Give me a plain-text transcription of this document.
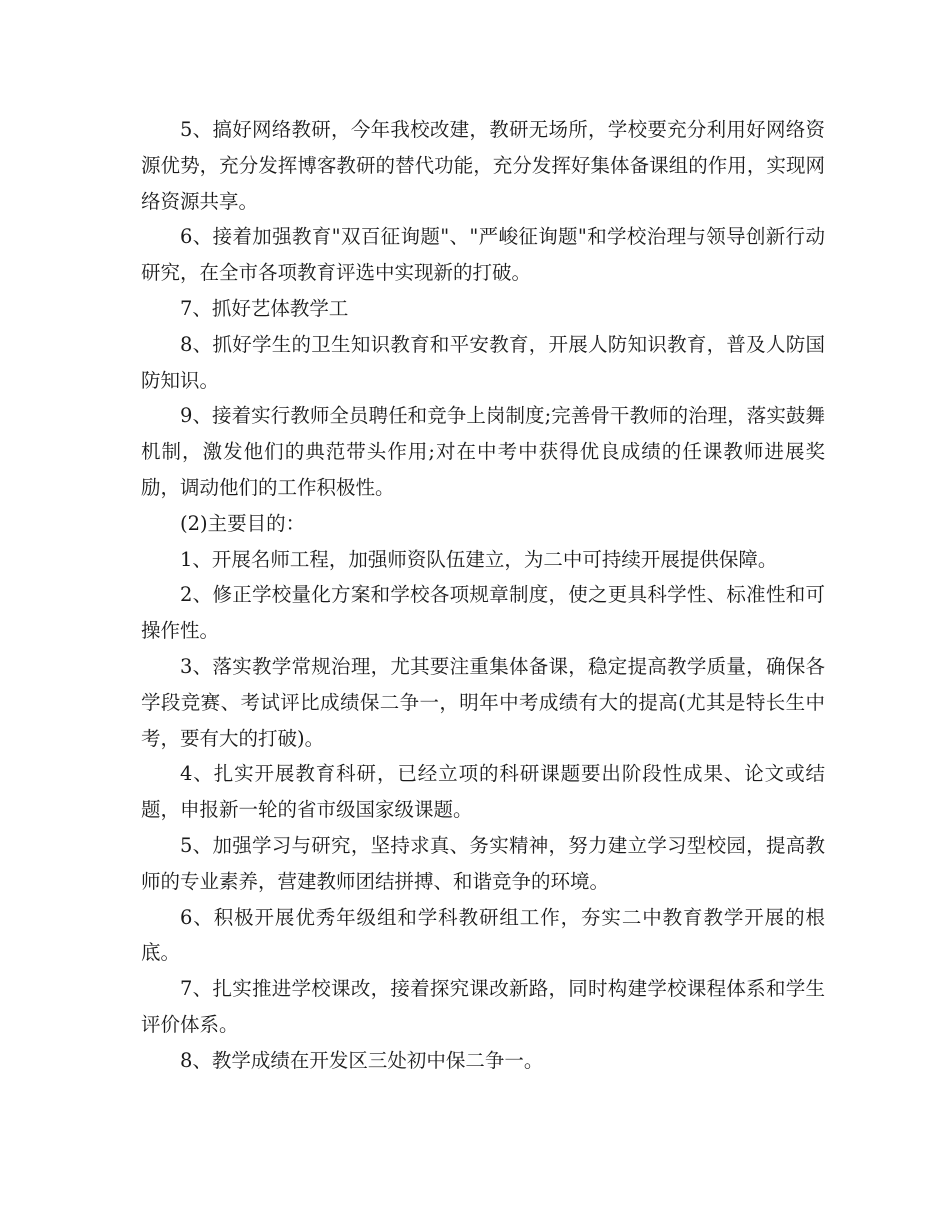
5、搞好网络教研，今年我校改建，教研无场所，学校要充分利用好网络资源优势，充分发挥博客教研的替代功能，充分发挥好集体备课组的作用，实现网络资源共享。

6、接着加强教育"双百征询题"、"严峻征询题"和学校治理与领导创新行动研究，在全市各项教育评选中实现新的打破。

7、抓好艺体教学工

8、抓好学生的卫生知识教育和平安教育，开展人防知识教育，普及人防国防知识。

9、接着实行教师全员聘任和竞争上岗制度;完善骨干教师的治理，落实鼓舞机制，激发他们的典范带头作用;对在中考中获得优良成绩的任课教师进展奖励，调动他们的工作积极性。

(2)主要目的：

1、开展名师工程，加强师资队伍建立，为二中可持续开展提供保障。

2、修正学校量化方案和学校各项规章制度，使之更具科学性、标准性和可操作性。

3、落实教学常规治理，尤其要注重集体备课，稳定提高教学质量，确保各学段竞赛、考试评比成绩保二争一，明年中考成绩有大的提高(尤其是特长生中考，要有大的打破)。

4、扎实开展教育科研，已经立项的科研课题要出阶段性成果、论文或结题，申报新一轮的省市级国家级课题。

5、加强学习与研究，坚持求真、务实精神，努力建立学习型校园，提高教师的专业素养，营建教师团结拼搏、和谐竞争的环境。

6、积极开展优秀年级组和学科教研组工作，夯实二中教育教学开展的根底。

7、扎实推进学校课改，接着探究课改新路，同时构建学校课程体系和学生评价体系。

8、教学成绩在开发区三处初中保二争一。
